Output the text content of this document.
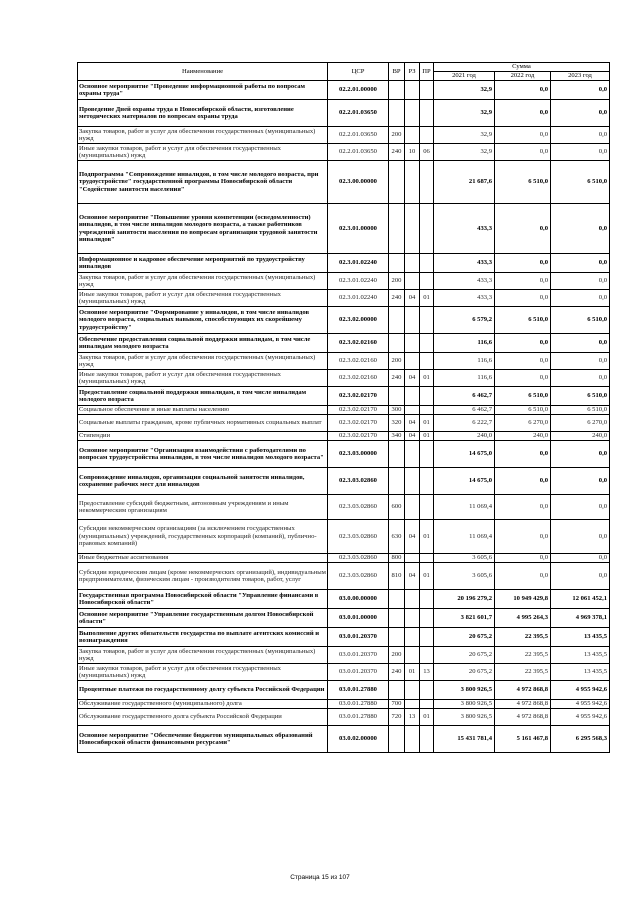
Наименование	ЦСР	ВР	РЗ	ПР	Сумма		
					2021 год	2022 год	2023 год
Основное мероприятие "Проведение информационной работы по вопросам охраны труда"	02.2.01.00000				32,9	0,0	0,0
Проведение Дней охраны труда в Новосибирской области, изготовление методических материалов по вопросам охраны труда	02.2.01.03650				32,9	0,0	0,0
Закупка товаров, работ и услуг для обеспечения государственных (муниципальных) нужд	02.2.01.03650	200			32,9	0,0	0,0
Иные закупки товаров, работ и услуг для обеспечения государственных (муниципальных) нужд	02.2.01.03650	240	10	06	32,9	0,0	0,0
Подпрограмма "Сопровождение инвалидов, в том числе молодого возраста, при трудоустройстве" государственной программы Новосибирской области "Содействие занятости населения"	02.3.00.00000				21 687,6	6 510,0	6 510,0
Основное мероприятие "Повышение уровня компетенции (осведомленности) инвалидов, в том числе инвалидов молодого возраста, а также работников учреждений занятости населения по вопросам организации трудовой занятости инвалидов"	02.3.01.00000				433,3	0,0	0,0
Информационное и кадровое обеспечение мероприятий по трудоустройству инвалидов	02.3.01.02240				433,3	0,0	0,0
Закупка товаров, работ и услуг для обеспечения государственных (муниципальных) нужд	02.3.01.02240	200			433,3	0,0	0,0
Иные закупки товаров, работ и услуг для обеспечения государственных (муниципальных) нужд	02.3.01.02240	240	04	01	433,3	0,0	0,0
Основное мероприятие "Формирование у инвалидов, в том числе инвалидов молодого возраста, социальных навыков, способствующих их скорейшему трудоустройству"	02.3.02.00000				6 579,2	6 510,0	6 510,0
Обеспечение предоставления социальной поддержки инвалидам, в том числе инвалидам молодого возраста	02.3.02.02160				116,6	0,0	0,0
Закупка товаров, работ и услуг для обеспечения государственных (муниципальных) нужд	02.3.02.02160	200			116,6	0,0	0,0
Иные закупки товаров, работ и услуг для обеспечения государственных (муниципальных) нужд	02.3.02.02160	240	04	01	116,6	0,0	0,0
Предоставление социальной поддержки инвалидам, в том числе инвалидам молодого возраста	02.3.02.02170				6 462,7	6 510,0	6 510,0
Социальное обеспечение и иные выплаты населению	02.3.02.02170	300			6 462,7	6 510,0	6 510,0
Социальные выплаты гражданам, кроме публичных нормативных социальных выплат	02.3.02.02170	320	04	01	6 222,7	6 270,0	6 270,0
Стипендии	02.3.02.02170	340	04	01	240,0	240,0	240,0
Основное мероприятие "Организация взаимодействия с работодателями по вопросам трудоустройства инвалидов, в том числе инвалидов молодого возраста"	02.3.03.00000				14 675,0	0,0	0,0
Сопровождение инвалидов, организация социальной занятости инвалидов, сохранение рабочих мест для инвалидов	02.3.03.02860				14 675,0	0,0	0,0
Предоставление субсидий бюджетным, автономным учреждениям и иным некоммерческим организациям	02.3.03.02860	600			11 069,4	0,0	0,0
Субсидии некоммерческим организациям (за исключением государственных (муниципальных) учреждений, государственных корпораций (компаний), публично-правовых компаний)	02.3.03.02860	630	04	01	11 069,4	0,0	0,0
Иные бюджетные ассигнования	02.3.03.02860	800			3 605,6	0,0	0,0
Субсидии юридическим лицам (кроме некоммерческих организаций), индивидуальным предпринимателям, физическим лицам - производителям товаров, работ, услуг	02.3.03.02860	810	04	01	3 605,6	0,0	0,0
Государственная программа Новосибирской области "Управление финансами в Новосибирской области"	03.0.00.00000				20 196 279,2	10 949 429,8	12 061 452,1
Основное мероприятие "Управление государственным долгом Новосибирской области"	03.0.01.00000				3 821 601,7	4 995 264,3	4 969 378,1
Выполнение других обязательств государства по выплате агентских комиссий и вознаграждения	03.0.01.20370				20 675,2	22 395,5	13 435,5
Закупка товаров, работ и услуг для обеспечения государственных (муниципальных) нужд	03.0.01.20370	200			20 675,2	22 395,5	13 435,5
Иные закупки товаров, работ и услуг для обеспечения государственных (муниципальных) нужд	03.0.01.20370	240	01	13	20 675,2	22 395,5	13 435,5
Процентные платежи по государственному долгу субъекта Российской Федерации	03.0.01.27880				3 800 926,5	4 972 868,8	4 955 942,6
Обслуживание государственного (муниципального) долга	03.0.01.27880	700			3 800 926,5	4 972 868,8	4 955 942,6
Обслуживание государственного долга субъекта Российской Федерации	03.0.01.27880	720	13	01	3 800 926,5	4 972 868,8	4 955 942,6
Основное мероприятие "Обеспечение бюджетов муниципальных образований Новосибирской области финансовыми ресурсами"	03.0.02.00000				15 431 781,4	5 161 467,8	6 295 568,3
Страница 15 из 107
